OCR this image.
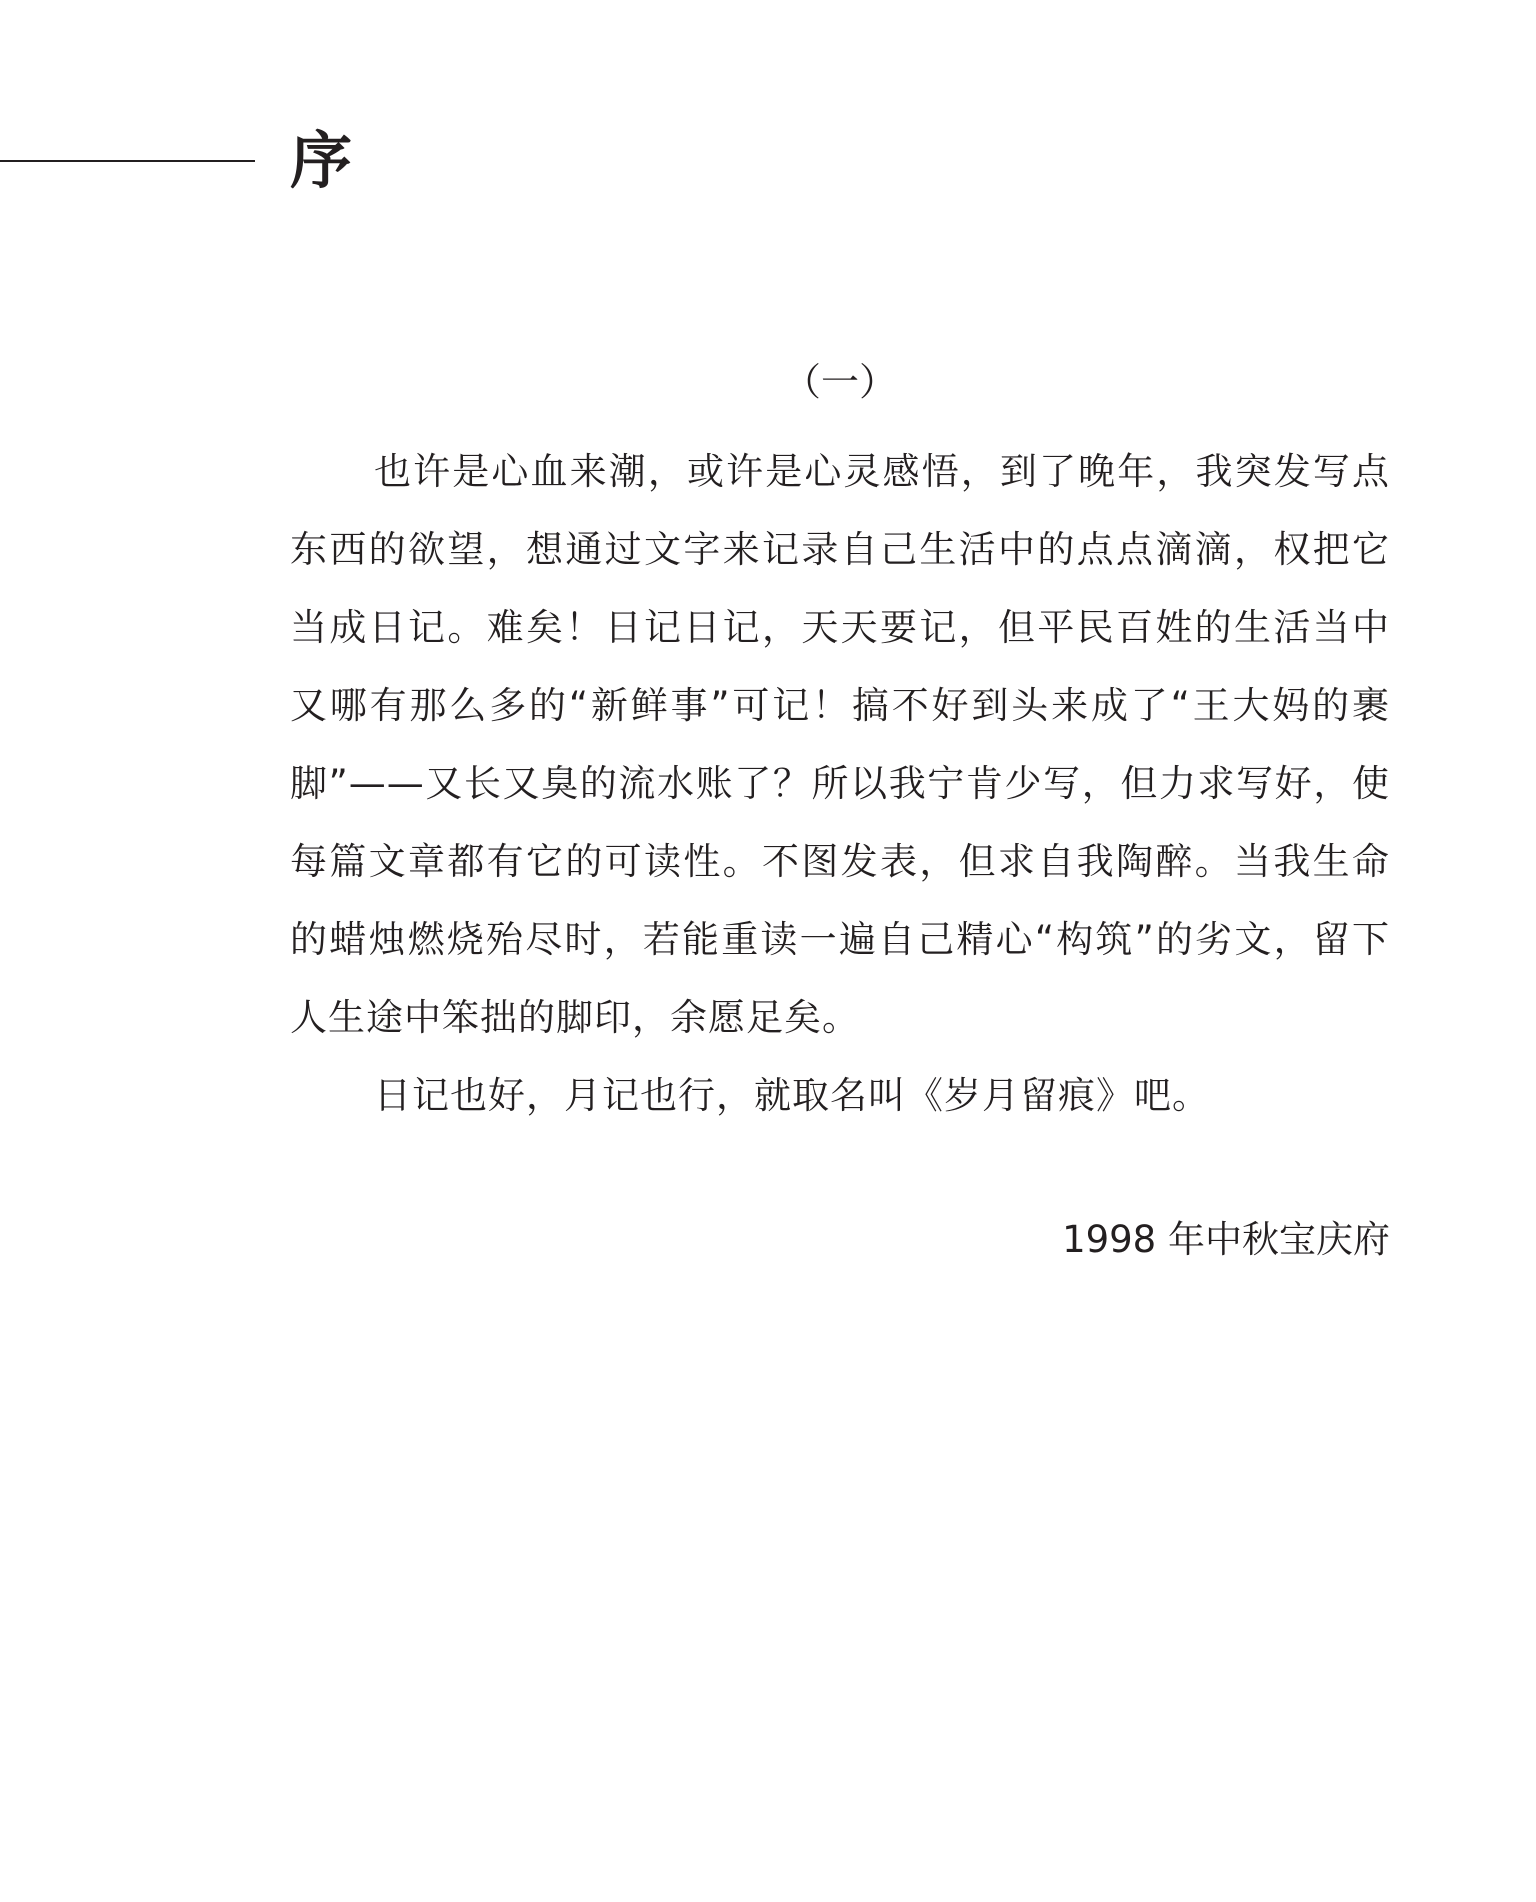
序

（一）

也许是心血来潮，或许是心灵感悟，到了晚年，我突发写点东西的欲望，想通过文字来记录自己生活中的点点滴滴，权把它当成日记。难矣！日记日记，天天要记，但平民百姓的生活当中又哪有那么多的“新鲜事”可记！搞不好到头来成了“王大妈的裹脚”——又长又臭的流水账了？所以我宁肯少写，但力求写好，使每篇文章都有它的可读性。不图发表，但求自我陶醉。当我生命的蜡烛燃烧殆尽时，若能重读一遍自己精心“构筑”的劣文，留下人生途中笨拙的脚印，余愿足矣。

日记也好，月记也行，就取名叫《岁月留痕》吧。

1998 年中秋宝庆府
